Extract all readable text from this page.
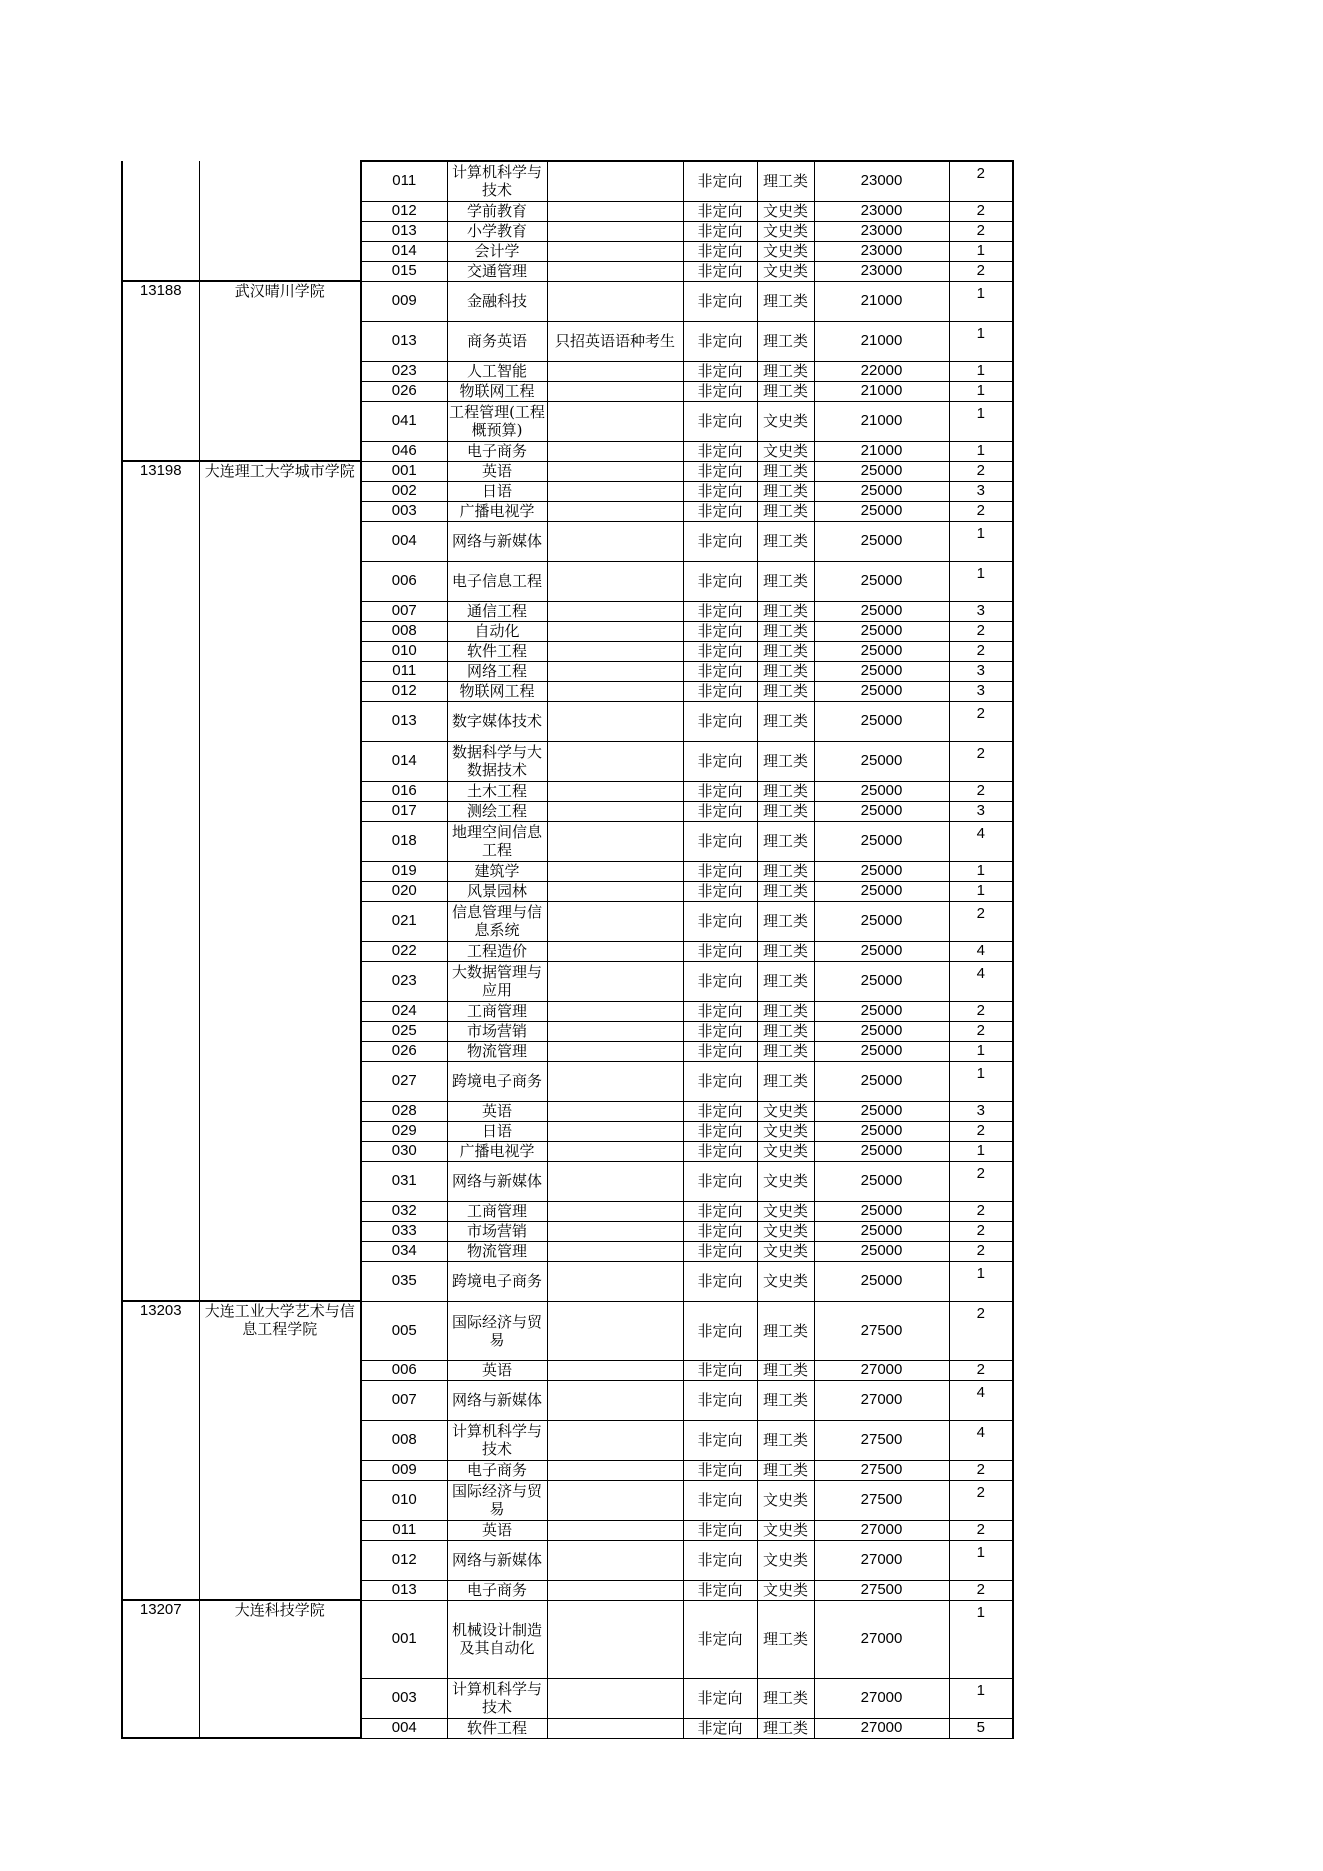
		011	计算机科学与技术		非定向	理工类	23000	2
		012	学前教育		非定向	文史类	23000	2
		013	小学教育		非定向	文史类	23000	2
		014	会计学		非定向	文史类	23000	1
		015	交通管理		非定向	文史类	23000	2
13188	武汉晴川学院	009	金融科技		非定向	理工类	21000	1
		013	商务英语	只招英语语种考生	非定向	理工类	21000	1
		023	人工智能		非定向	理工类	22000	1
		026	物联网工程		非定向	理工类	21000	1
		041	工程管理(工程概预算)		非定向	文史类	21000	1
		046	电子商务		非定向	文史类	21000	1
13198	大连理工大学城市学院	001	英语		非定向	理工类	25000	2
		002	日语		非定向	理工类	25000	3
		003	广播电视学		非定向	理工类	25000	2
		004	网络与新媒体		非定向	理工类	25000	1
		006	电子信息工程		非定向	理工类	25000	1
		007	通信工程		非定向	理工类	25000	3
		008	自动化		非定向	理工类	25000	2
		010	软件工程		非定向	理工类	25000	2
		011	网络工程		非定向	理工类	25000	3
		012	物联网工程		非定向	理工类	25000	3
		013	数字媒体技术		非定向	理工类	25000	2
		014	数据科学与大数据技术		非定向	理工类	25000	2
		016	土木工程		非定向	理工类	25000	2
		017	测绘工程		非定向	理工类	25000	3
		018	地理空间信息工程		非定向	理工类	25000	4
		019	建筑学		非定向	理工类	25000	1
		020	风景园林		非定向	理工类	25000	1
		021	信息管理与信息系统		非定向	理工类	25000	2
		022	工程造价		非定向	理工类	25000	4
		023	大数据管理与应用		非定向	理工类	25000	4
		024	工商管理		非定向	理工类	25000	2
		025	市场营销		非定向	理工类	25000	2
		026	物流管理		非定向	理工类	25000	1
		027	跨境电子商务		非定向	理工类	25000	1
		028	英语		非定向	文史类	25000	3
		029	日语		非定向	文史类	25000	2
		030	广播电视学		非定向	文史类	25000	1
		031	网络与新媒体		非定向	文史类	25000	2
		032	工商管理		非定向	文史类	25000	2
		033	市场营销		非定向	文史类	25000	2
		034	物流管理		非定向	文史类	25000	2
		035	跨境电子商务		非定向	文史类	25000	1
13203	大连工业大学艺术与信息工程学院	005	国际经济与贸易		非定向	理工类	27500	2
		006	英语		非定向	理工类	27000	2
		007	网络与新媒体		非定向	理工类	27000	4
		008	计算机科学与技术		非定向	理工类	27500	4
		009	电子商务		非定向	理工类	27500	2
		010	国际经济与贸易		非定向	文史类	27500	2
		011	英语		非定向	文史类	27000	2
		012	网络与新媒体		非定向	文史类	27000	1
		013	电子商务		非定向	文史类	27500	2
13207	大连科技学院	001	机械设计制造及其自动化		非定向	理工类	27000	1
		003	计算机科学与技术		非定向	理工类	27000	1
		004	软件工程		非定向	理工类	27000	5
